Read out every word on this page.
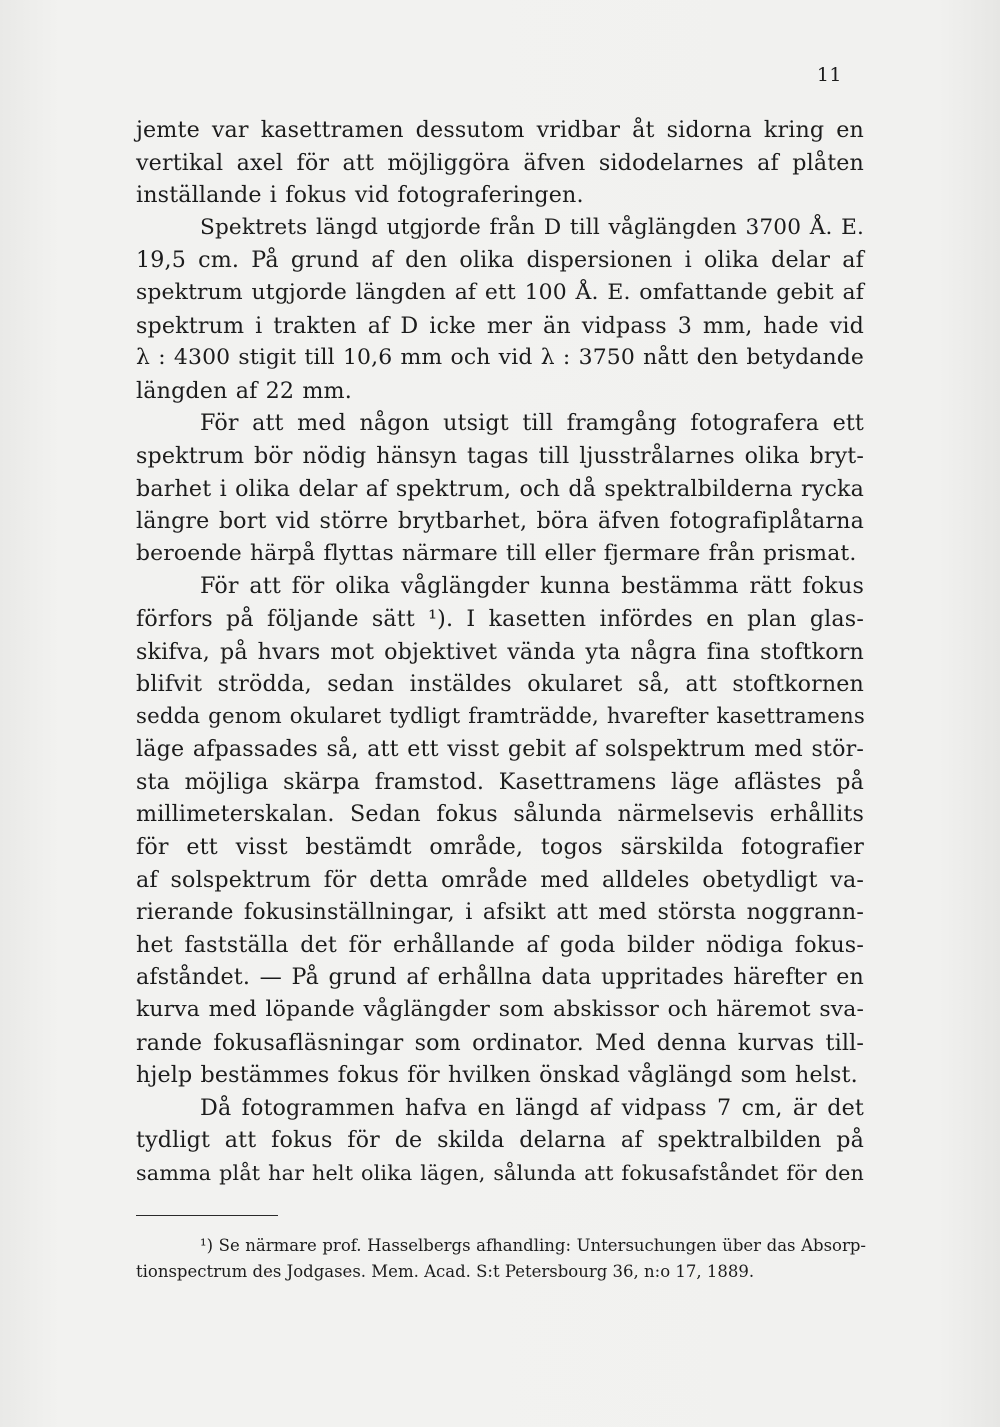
11
jemte var kasettramen dessutom vridbar åt sidorna kring en
vertikal axel för att möjliggöra äfven sidodelarnes af plåten
inställande i fokus vid fotograferingen.
Spektrets längd utgjorde från D till våglängden 3700 Å. E.
19,5 cm. På grund af den olika dispersionen i olika delar af
spektrum utgjorde längden af ett 100 Å. E. omfattande gebit af
spektrum i trakten af D icke mer än vidpass 3 mm, hade vid
λ : 4300 stigit till 10,6 mm och vid λ : 3750 nått den betydande
längden af 22 mm.
För att med någon utsigt till framgång fotografera ett
spektrum bör nödig hänsyn tagas till ljusstrålarnes olika bryt-
barhet i olika delar af spektrum, och då spektralbilderna rycka
längre bort vid större brytbarhet, böra äfven fotografiplåtarna
beroende härpå flyttas närmare till eller fjermare från prismat.
För att för olika våglängder kunna bestämma rätt fokus
förfors på följande sätt ¹). I kasetten infördes en plan glas-
skifva, på hvars mot objektivet vända yta några fina stoftkorn
blifvit strödda, sedan instäldes okularet så, att stoftkornen
sedda genom okularet tydligt framträdde, hvarefter kasettramens
läge afpassades så, att ett visst gebit af solspektrum med stör-
sta möjliga skärpa framstod. Kasettramens läge aflästes på
millimeterskalan. Sedan fokus sålunda närmelsevis erhållits
för ett visst bestämdt område, togos särskilda fotografier
af solspektrum för detta område med alldeles obetydligt va-
rierande fokusinställningar, i afsikt att med största noggrann-
het fastställa det för erhållande af goda bilder nödiga fokus-
afståndet. — På grund af erhållna data uppritades härefter en
kurva med löpande våglängder som abskissor och häremot sva-
rande fokusafläsningar som ordinator. Med denna kurvas till-
hjelp bestämmes fokus för hvilken önskad våglängd som helst.
Då fotogrammen hafva en längd af vidpass 7 cm, är det
tydligt att fokus för de skilda delarna af spektralbilden på
samma plåt har helt olika lägen, sålunda att fokusafståndet för den
¹) Se närmare prof. Hasselbergs afhandling: Untersuchungen über das Absorp-
tionspectrum des Jodgases. Mem. Acad. S:t Petersbourg 36, n:o 17, 1889.
